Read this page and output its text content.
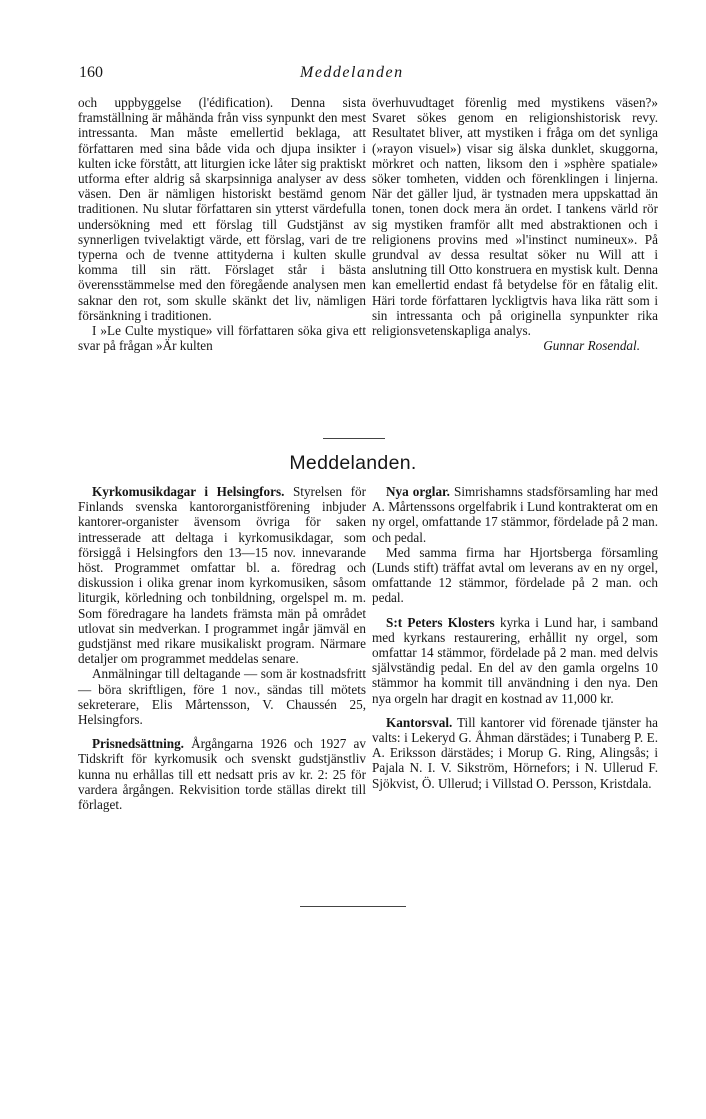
160	Meddelanden

och uppbyggelse (l'édification). Denna sista framställning är måhända från viss synpunkt den mest intressanta. Man måste emellertid beklaga, att författaren med sina både vida och djupa insikter i kulten icke förstått, att liturgien icke låter sig praktiskt utforma efter aldrig så skarpsinniga analyser av dess väsen. Den är nämligen historiskt bestämd genom traditionen. Nu slutar författaren sin ytterst värdefulla undersökning med ett förslag till Gudstjänst av synnerligen tvivelaktigt värde, ett förslag, vari de tre typerna och de tvenne attityderna i kulten skulle komma till sin rätt. Förslaget står i bästa överensstämmelse med den föregående analysen men saknar den rot, som skulle skänkt det liv, nämligen försänkning i traditionen.

I »Le Culte mystique» vill författaren söka giva ett svar på frågan »Är kulten

överhuvudtaget förenlig med mystikens väsen?» Svaret sökes genom en religionshistorisk revy. Resultatet bliver, att mystiken i fråga om det synliga (»rayon visuel») visar sig älska dunklet, skuggorna, mörkret och natten, liksom den i »sphère spatiale» söker tomheten, vidden och förenklingen i linjerna. När det gäller ljud, är tystnaden mera uppskattad än tonen, tonen dock mera än ordet. I tankens värld rör sig mystiken framför allt med abstraktionen och i religionens provins med »l'instinct numineux». På grundval av dessa resultat söker nu Will att i anslutning till Otto konstruera en mystisk kult. Denna kan emellertid endast få betydelse för en fåtalig elit. Häri torde författaren lyckligtvis hava lika rätt som i sin intressanta och på originella synpunkter rika religionsvetenskapliga analys.

Gunnar Rosendal.

Meddelanden.

Kyrkomusikdagar i Helsingfors. Styrelsen för Finlands svenska kantororganistförening inbjuder kantorer-organister ävensom övriga för saken intresserade att deltaga i kyrkomusikdagar, som försiggå i Helsingfors den 13—15 nov. innevarande höst. Programmet omfattar bl. a. föredrag och diskussion i olika grenar inom kyrkomusiken, såsom liturgik, körledning och tonbildning, orgelspel m. m. Som föredragare ha landets främsta män på området utlovat sin medverkan. I programmet ingår jämväl en gudstjänst med rikare musikaliskt program. Närmare detaljer om programmet meddelas senare.

Anmälningar till deltagande — som är kostnadsfritt — böra skriftligen, före 1 nov., sändas till mötets sekreterare, Elis Mårtensson, V. Chaussén 25, Helsingfors.

Prisnedsättning. Årgångarna 1926 och 1927 av Tidskrift för kyrkomusik och svenskt gudstjänstliv kunna nu erhållas till ett nedsatt pris av kr. 2: 25 för vardera årgången. Rekvisition torde ställas direkt till förlaget.

Nya orglar. Simrishamns stadsförsamling har med A. Mårtenssons orgelfabrik i Lund kontrakterat om en ny orgel, omfattande 17 stämmor, fördelade på 2 man. och pedal.

Med samma firma har Hjortsberga församling (Lunds stift) träffat avtal om leverans av en ny orgel, omfattande 12 stämmor, fördelade på 2 man. och pedal.

S:t Peters Klosters kyrka i Lund har, i samband med kyrkans restaurering, erhållit ny orgel, som omfattar 14 stämmor, fördelade på 2 man. med delvis självständig pedal. En del av den gamla orgelns 10 stämmor ha kommit till användning i den nya. Den nya orgeln har dragit en kostnad av 11,000 kr.

Kantorsval. Till kantorer vid förenade tjänster ha valts: i Lekeryd G. Åhman därstädes; i Tunaberg P. E. A. Eriksson därstädes; i Morup G. Ring, Alingsås; i Pajala N. I. V. Sikström, Hörnefors; i N. Ullerud F. Sjökvist, Ö. Ullerud; i Villstad O. Persson, Kristdala.
